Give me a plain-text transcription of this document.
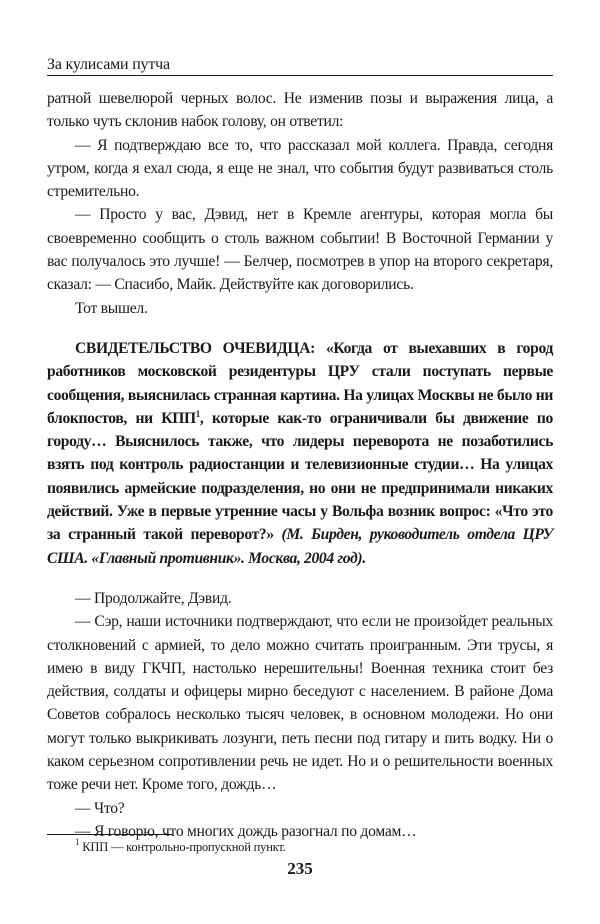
За кулисами путча

ратной шевелюрой черных волос. Не изменив позы и выражения лица, а только чуть склонив набок голову, он ответил:

— Я подтверждаю все то, что рассказал мой коллега. Правда, сегодня утром, когда я ехал сюда, я еще не знал, что события будут развиваться столь стремительно.

— Просто у вас, Дэвид, нет в Кремле агентуры, которая могла бы своевременно сообщить о столь важном событии! В Восточной Германии у вас получалось это лучше! — Белчер, посмотрев в упор на второго секретаря, сказал: — Спасибо, Майк. Действуйте как договорились.

Тот вышел.

СВИДЕТЕЛЬСТВО ОЧЕВИДЦА: «Когда от выехавших в город работников московской резидентуры ЦРУ стали поступать первые сообщения, выяснилась странная картина. На улицах Москвы не было ни блокпостов, ни КПП$^1$, которые как-то ограничивали бы движение по городу… Выяснилось также, что лидеры переворота не позаботились взять под контроль радиостанции и телевизионные студии… На улицах появились армейские подразделения, но они не предпринимали никаких действий. Уже в первые утренние часы у Вольфа возник вопрос: «Что это за странный такой переворот?» (М. Бирден, руководитель отдела ЦРУ США. «Главный противник». Москва, 2004 год).

— Продолжайте, Дэвид.

— Сэр, наши источники подтверждают, что если не произойдет реальных столкновений с армией, то дело можно считать проигранным. Эти трусы, я имею в виду ГКЧП, настолько нерешительны! Военная техника стоит без действия, солдаты и офицеры мирно беседуют с населением. В районе Дома Советов собралось несколько тысяч человек, в основном молодежи. Но они могут только выкрикивать лозунги, петь песни под гитару и пить водку. Ни о каком серьезном сопротивлении речь не идет. Но и о решительности военных тоже речи нет. Кроме того, дождь…

— Что?

— Я говорю, что многих дождь разогнал по домам…

$^1$ КПП — контрольно-пропускной пункт.
235
